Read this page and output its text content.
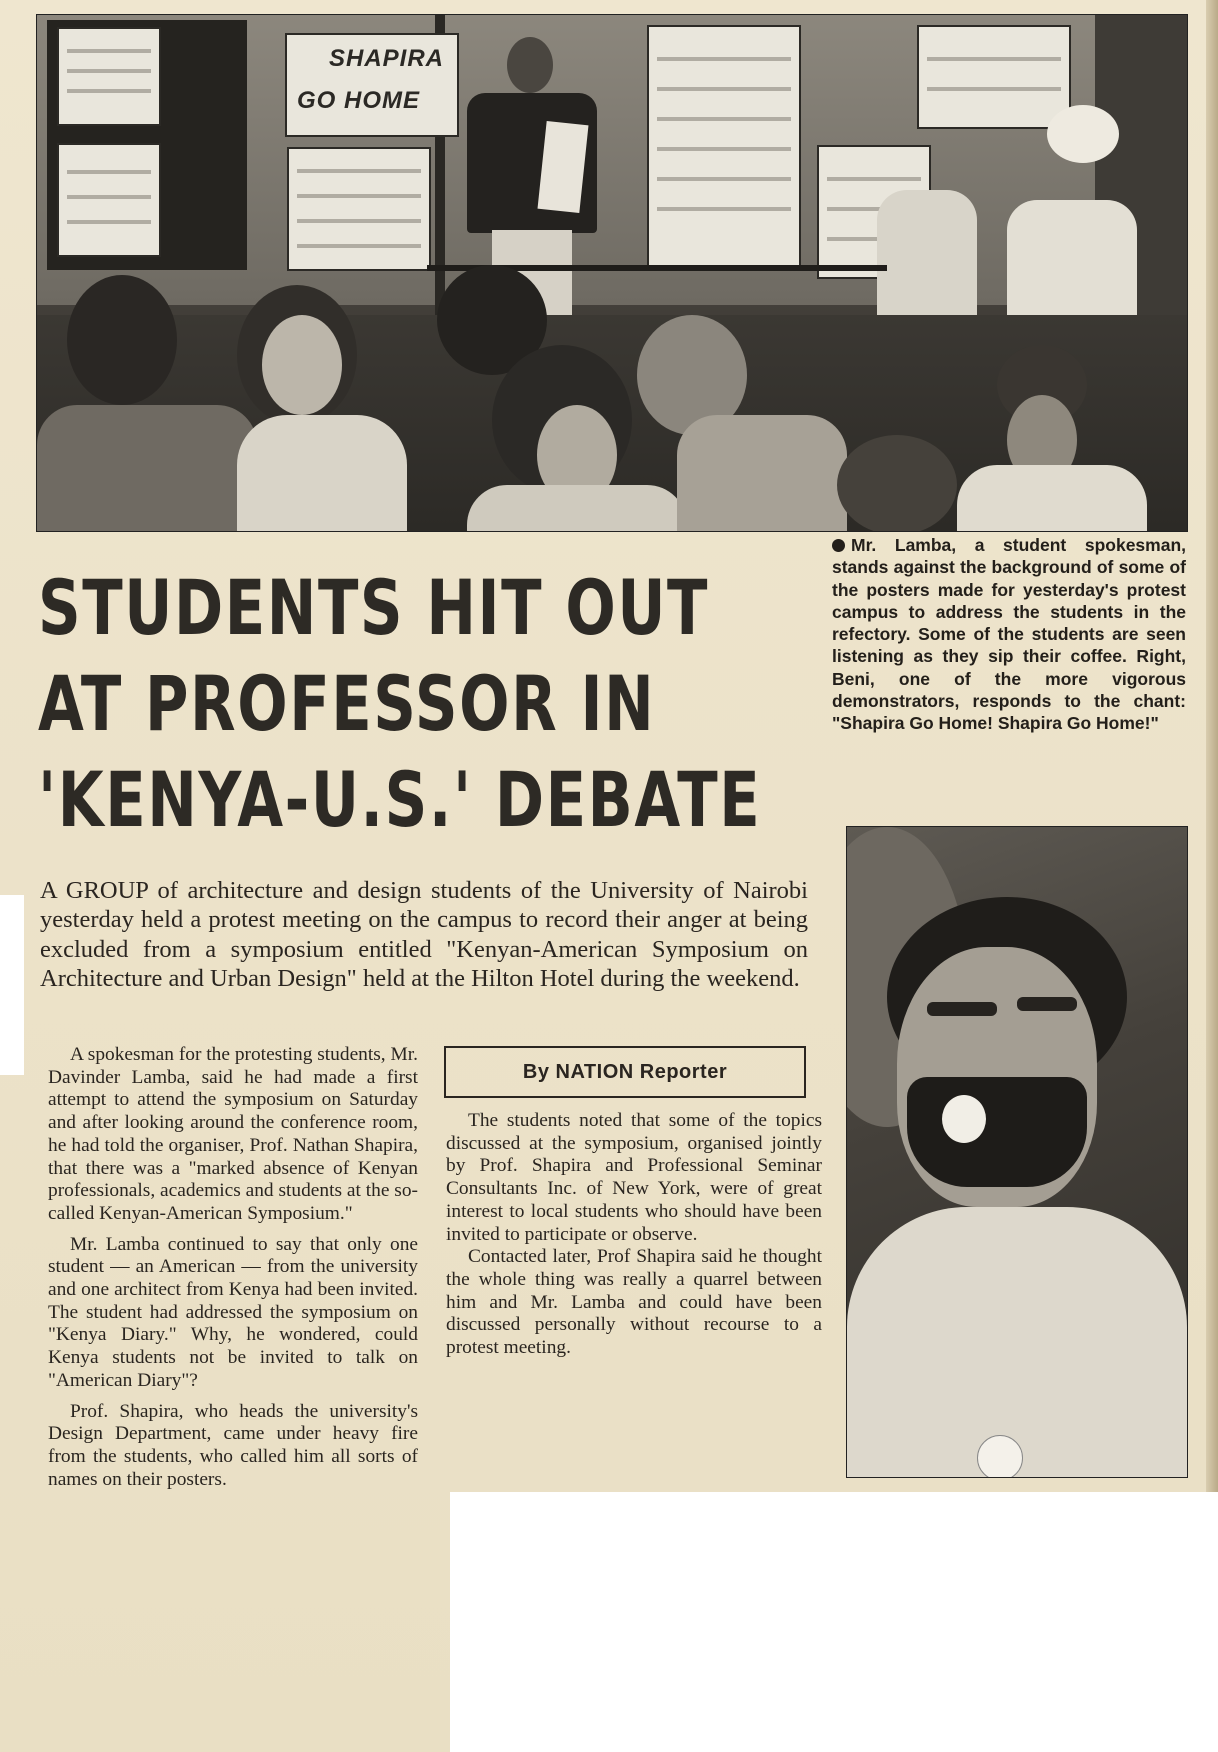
SHAPIRA
GO HOME
STUDENTS HIT OUT
AT PROFESSOR IN
'KENYA-U.S.' DEBATE
Mr. Lamba, a student spokesman, stands against the background of some of the posters made for yesterday's protest campus to address the students in the refectory. Some of the students are seen listening as they sip their coffee. Right, Beni, one of the more vigorous demonstrators, responds to the chant: "Shapira Go Home! Shapira Go Home!"
A GROUP of architecture and design students of the University of Nairobi yesterday held a protest meeting on the campus to record their anger at being excluded from a symposium entitled "Kenyan-American Symposium on Architecture and Urban Design" held at the Hilton Hotel during the weekend.
By NATION Reporter

A spokesman for the protesting students, Mr. Davinder Lamba, said he had made a first attempt to attend the symposium on Saturday and after looking around the conference room, he had told the organiser, Prof. Nathan Shapira, that there was a "marked absence of Kenyan professionals, academics and students at the so-called Kenyan-American Symposium."

Mr. Lamba continued to say that only one student — an American — from the university and one architect from Kenya had been invited. The student had addressed the symposium on "Kenya Diary." Why, he wondered, could Kenya students not be invited to talk on "American Diary"?

Prof. Shapira, who heads the university's Design Department, came under heavy fire from the students, who called him all sorts of names on their posters.

The students noted that some of the topics discussed at the symposium, organised jointly by Prof. Shapira and Professional Seminar Consultants Inc. of New York, were of great interest to local students who should have been invited to participate or observe.

Contacted later, Prof Shapira said he thought the whole thing was really a quarrel between him and Mr. Lamba and could have been discussed personally without recourse to a protest meeting.
